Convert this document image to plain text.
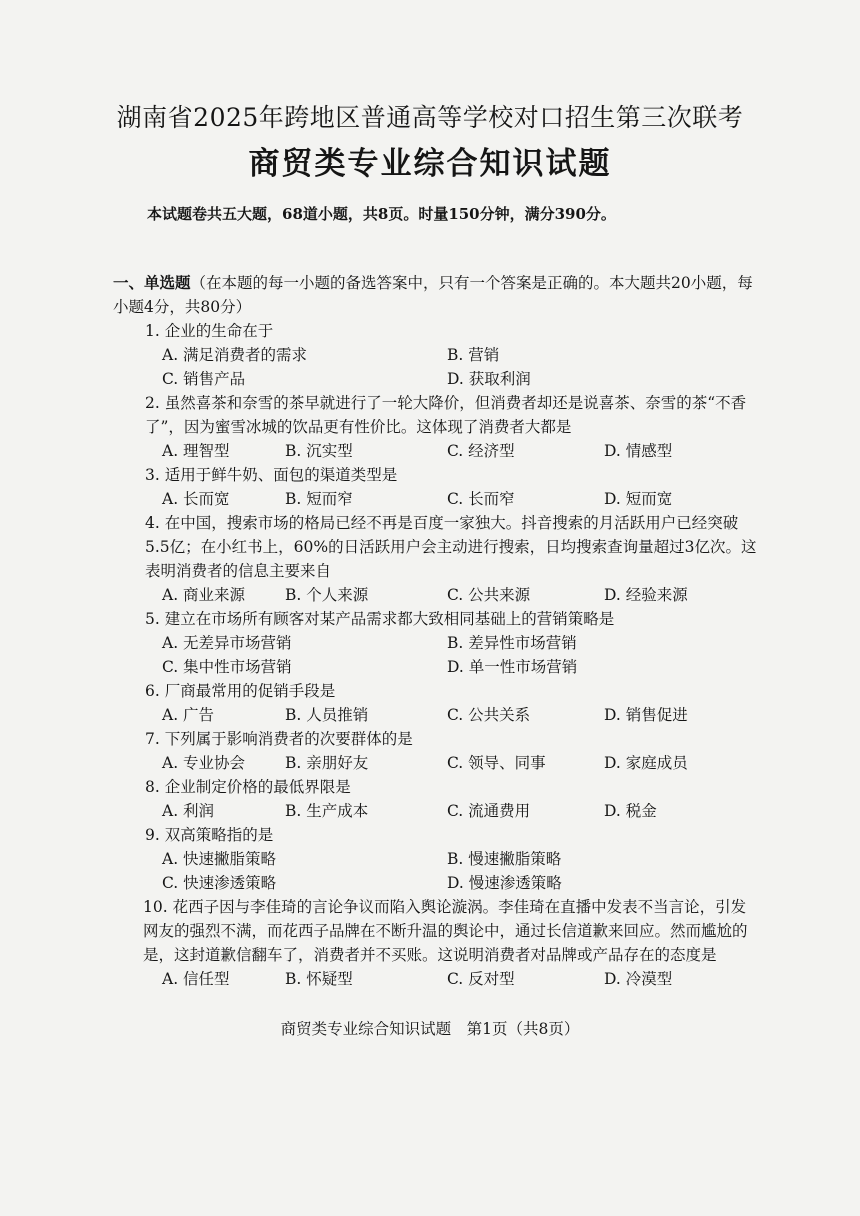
湖南省2025年跨地区普通高等学校对口招生第三次联考
商贸类专业综合知识试题
本试题卷共五大题，68道小题，共8页。时量150分钟，满分390分。
一、单选题（在本题的每一小题的备选答案中，只有一个答案是正确的。本大题共20小题，每小题4分，共80分）
1. 企业的生命在于
A. 满足消费者的需求	B. 营销
C. 销售产品	D. 获取利润
2. 虽然喜茶和奈雪的茶早就进行了一轮大降价，但消费者却还是说喜茶、奈雪的茶“不香了”，因为蜜雪冰城的饮品更有性价比。这体现了消费者大都是
A. 理智型	B. 沉实型	C. 经济型	D. 情感型
3. 适用于鲜牛奶、面包的渠道类型是
A. 长而宽	B. 短而窄	C. 长而窄	D. 短而宽
4. 在中国，搜索市场的格局已经不再是百度一家独大。抖音搜索的月活跃用户已经突破5.5亿；在小红书上，60%的日活跃用户会主动进行搜索，日均搜索查询量超过3亿次。这表明消费者的信息主要来自
A. 商业来源	B. 个人来源	C. 公共来源	D. 经验来源
5. 建立在市场所有顾客对某产品需求都大致相同基础上的营销策略是
A. 无差异市场营销	B. 差异性市场营销
C. 集中性市场营销	D. 单一性市场营销
6. 厂商最常用的促销手段是
A. 广告	B. 人员推销	C. 公共关系	D. 销售促进
7. 下列属于影响消费者的次要群体的是
A. 专业协会	B. 亲朋好友	C. 领导、同事	D. 家庭成员
8. 企业制定价格的最低界限是
A. 利润	B. 生产成本	C. 流通费用	D. 税金
9. 双高策略指的是
A. 快速撇脂策略	B. 慢速撇脂策略
C. 快速渗透策略	D. 慢速渗透策略
10. 花西子因与李佳琦的言论争议而陷入舆论漩涡。李佳琦在直播中发表不当言论，引发网友的强烈不满，而花西子品牌在不断升温的舆论中，通过长信道歉来回应。然而尴尬的是，这封道歉信翻车了，消费者并不买账。这说明消费者对品牌或产品存在的态度是
A. 信任型	B. 怀疑型	C. 反对型	D. 冷漠型
商贸类专业综合知识试题　第1页（共8页）
